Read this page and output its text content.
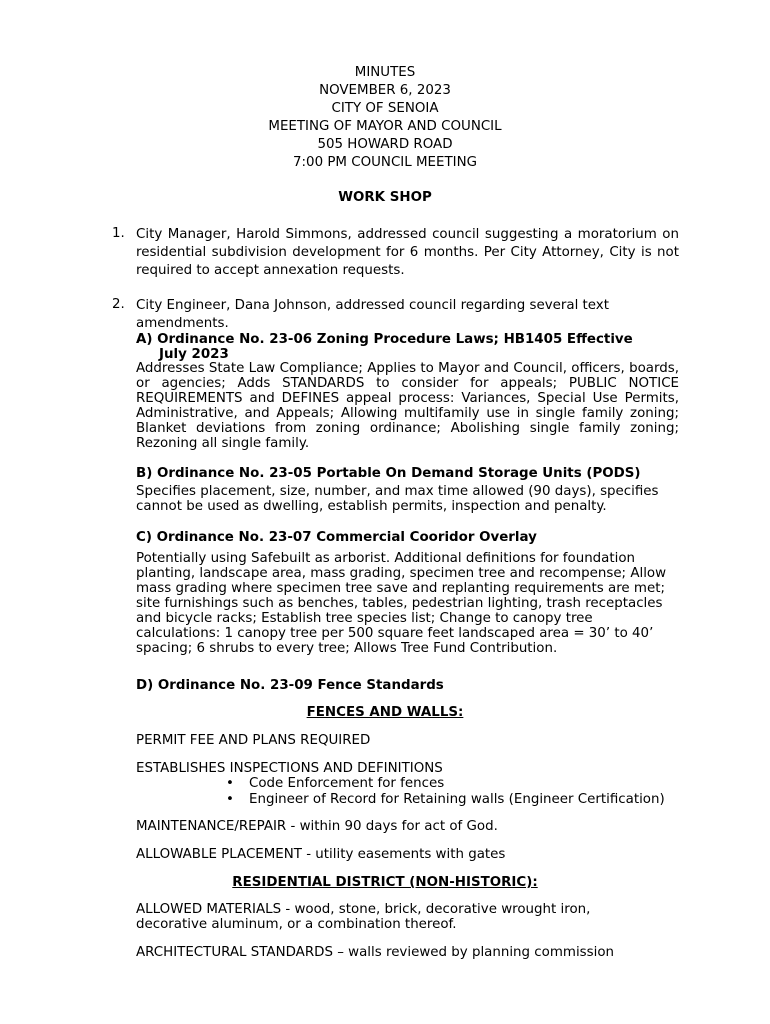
MINUTES
NOVEMBER 6, 2023
CITY OF SENOIA
MEETING OF MAYOR AND COUNCIL
505 HOWARD ROAD
7:00 PM COUNCIL MEETING
WORK SHOP
1. City Manager, Harold Simmons, addressed council suggesting a moratorium on residential subdivision development for 6 months. Per City Attorney, City is not required to accept annexation requests.
2. City Engineer, Dana Johnson, addressed council regarding several text amendments.
A) Ordinance No. 23-06 Zoning Procedure Laws; HB1405 Effective
July 2023
Addresses State Law Compliance; Applies to Mayor and Council, officers, boards, or agencies; Adds STANDARDS to consider for appeals; PUBLIC NOTICE REQUIREMENTS and DEFINES appeal process: Variances, Special Use Permits, Administrative, and Appeals; Allowing multifamily use in single family zoning; Blanket deviations from zoning ordinance; Abolishing single family zoning; Rezoning all single family.
B) Ordinance No. 23-05 Portable On Demand Storage Units (PODS)
Specifies placement, size, number, and max time allowed (90 days), specifies cannot be used as dwelling, establish permits, inspection and penalty.
C) Ordinance No. 23-07 Commercial Cooridor Overlay
Potentially using Safebuilt as arborist. Additional definitions for foundation planting, landscape area, mass grading, specimen tree and recompense; Allow mass grading where specimen tree save and replanting requirements are met; site furnishings such as benches, tables, pedestrian lighting, trash receptacles and bicycle racks; Establish tree species list; Change to canopy tree calculations: 1 canopy tree per 500 square feet landscaped area = 30’ to 40’ spacing; 6 shrubs to every tree; Allows Tree Fund Contribution.
D) Ordinance No. 23-09 Fence Standards
FENCES AND WALLS:
PERMIT FEE AND PLANS REQUIRED
ESTABLISHES INSPECTIONS AND DEFINITIONS
• Code Enforcement for fences
• Engineer of Record for Retaining walls (Engineer Certification)
MAINTENANCE/REPAIR - within 90 days for act of God.
ALLOWABLE PLACEMENT - utility easements with gates
RESIDENTIAL DISTRICT (NON-HISTORIC):
ALLOWED MATERIALS - wood, stone, brick, decorative wrought iron, decorative aluminum, or a combination thereof.
ARCHITECTURAL STANDARDS – walls reviewed by planning commission
